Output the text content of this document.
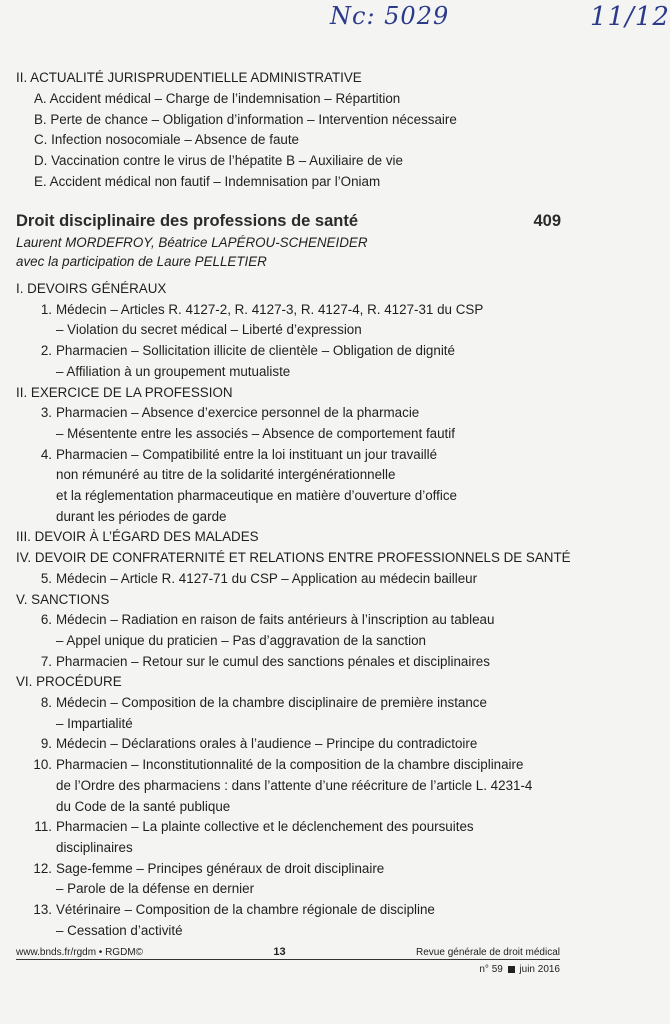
Nc: 5029	11/12
II. ACTUALITÉ JURISPRUDENTIELLE ADMINISTRATIVE
A. Accident médical – Charge de l’indemnisation – Répartition
B. Perte de chance – Obligation d’information – Intervention nécessaire
C. Infection nosocomiale – Absence de faute
D. Vaccination contre le virus de l’hépatite B – Auxiliaire de vie
E. Accident médical non fautif – Indemnisation par l’Oniam
Droit disciplinaire des professions de santé	409
Laurent MORDEFROY, Béatrice LAPÉROU-SCHENEIDER
avec la participation de Laure PELLETIER
I. DEVOIRS GÉNÉRAUX
1. Médecin – Articles R. 4127-2, R. 4127-3, R. 4127-4, R. 4127-31 du CSP
– Violation du secret médical – Liberté d’expression
2. Pharmacien – Sollicitation illicite de clientèle – Obligation de dignité
– Affiliation à un groupement mutualiste
II. EXERCICE DE LA PROFESSION
3. Pharmacien – Absence d’exercice personnel de la pharmacie
– Mésentente entre les associés – Absence de comportement fautif
4. Pharmacien – Compatibilité entre la loi instituant un jour travaillé
non rémunéré au titre de la solidarité intergénérationnelle
et la réglementation pharmaceutique en matière d’ouverture d’office
durant les périodes de garde
III. DEVOIR À L’ÉGARD DES MALADES
IV. DEVOIR DE CONFRATERNITÉ ET RELATIONS ENTRE PROFESSIONNELS DE SANTÉ
5. Médecin – Article R. 4127-71 du CSP – Application au médecin bailleur
V. SANCTIONS
6. Médecin – Radiation en raison de faits antérieurs à l’inscription au tableau
– Appel unique du praticien – Pas d’aggravation de la sanction
7. Pharmacien – Retour sur le cumul des sanctions pénales et disciplinaires
VI. PROCÉDURE
8. Médecin – Composition de la chambre disciplinaire de première instance
– Impartialité
9. Médecin – Déclarations orales à l’audience – Principe du contradictoire
10. Pharmacien – Inconstitutionnalité de la composition de la chambre disciplinaire
de l’Ordre des pharmaciens : dans l’attente d’une réécriture de l’article L. 4231-4
du Code de la santé publique
11. Pharmacien – La plainte collective et le déclenchement des poursuites
disciplinaires
12. Sage-femme – Principes généraux de droit disciplinaire
– Parole de la défense en dernier
13. Vétérinaire – Composition de la chambre régionale de discipline
– Cessation d’activité
www.bnds.fr/rgdm • RGDM©	13	Revue générale de droit médical
n° 59 juin 2016
